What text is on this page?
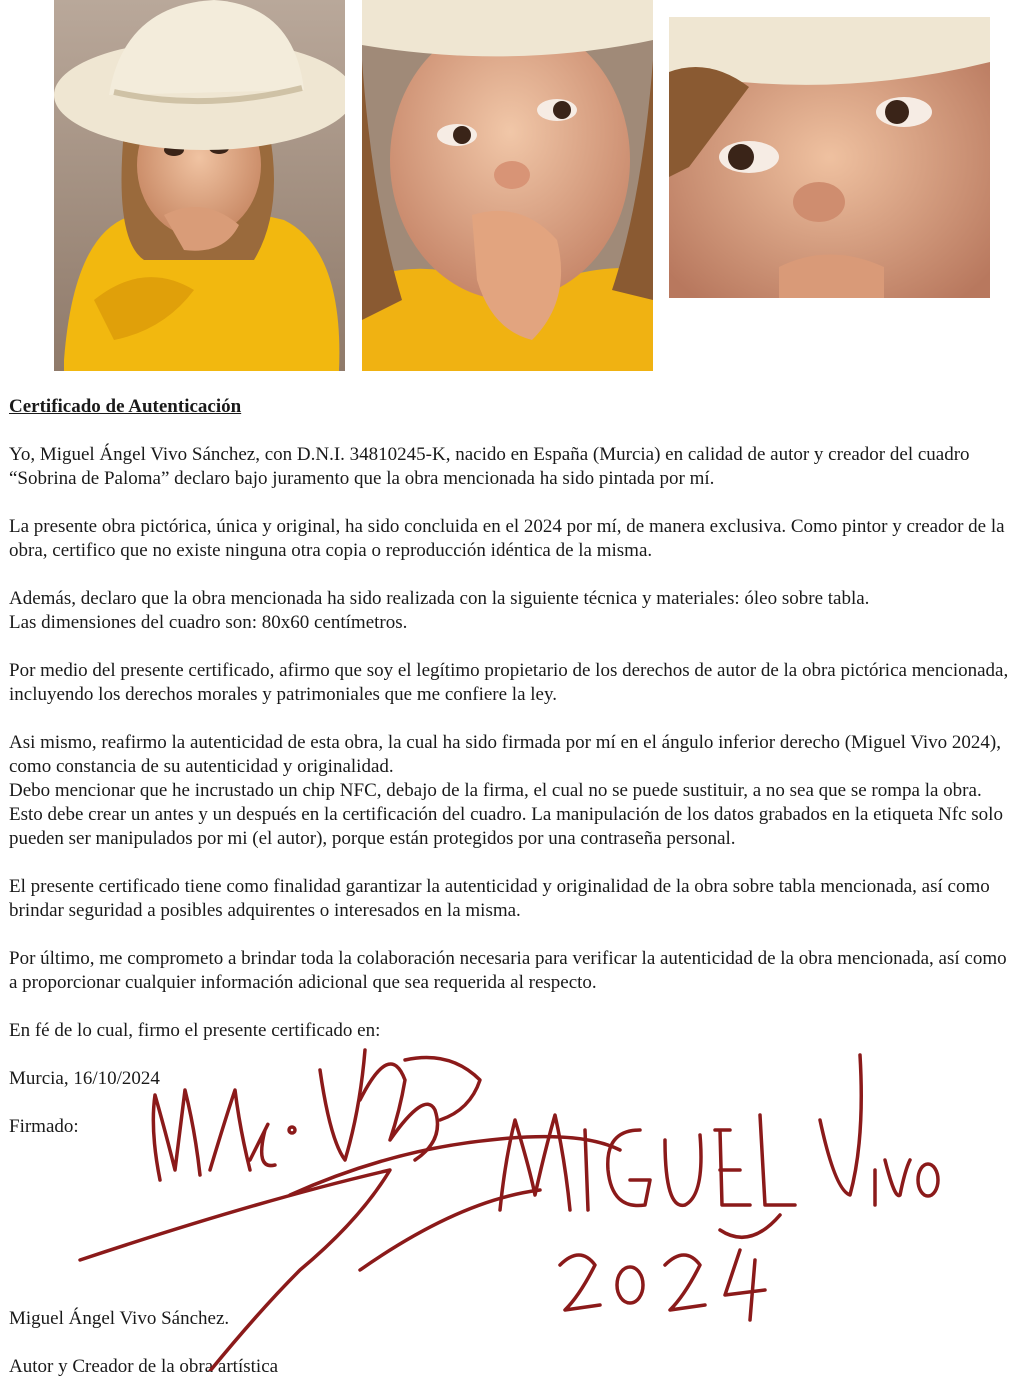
Certificado de Autenticación

Yo, Miguel Ángel Vivo Sánchez, con D.N.I. 34810245-K, nacido en España (Murcia) en calidad de autor y creador del cuadro “Sobrina de Paloma” declaro bajo juramento que la obra mencionada ha sido pintada por mí.

La presente obra pictórica, única y original, ha sido concluida en el 2024 por mí, de manera exclusiva. Como pintor y creador de la obra, certifico que no existe ninguna otra copia o reproducción idéntica de la misma.

Además, declaro que la obra mencionada ha sido realizada con la siguiente técnica y materiales: óleo sobre tabla.

Las dimensiones del cuadro son: 80x60 centímetros.

Por medio del presente certificado, afirmo que soy el legítimo propietario de los derechos de autor de la obra pictórica mencionada, incluyendo los derechos morales y patrimoniales que me confiere la ley.

Asi mismo, reafirmo la autenticidad de esta obra, la cual ha sido firmada por mí en el ángulo inferior derecho (Miguel Vivo 2024), como constancia de su autenticidad y originalidad.

Debo mencionar que he incrustado un chip NFC, debajo de la firma, el cual no se puede sustituir, a no sea que se rompa la obra. Esto debe crear un antes y un después en la certificación del cuadro. La manipulación de los datos grabados en la etiqueta Nfc solo pueden ser manipulados por mi (el autor), porque están protegidos por una contraseña personal.

El presente certificado tiene como finalidad garantizar la autenticidad y originalidad de la obra sobre tabla mencionada, así como brindar seguridad a posibles adquirentes o interesados en la misma.

Por último, me comprometo a brindar toda la colaboración necesaria para verificar la autenticidad de la obra mencionada, así como a proporcionar cualquier información adicional que sea requerida al respecto.

En fé de lo cual, firmo el presente certificado en:

Murcia, 16/10/2024

Firmado:

Miguel Ángel Vivo Sánchez.

Autor y Creador de la obra artística
